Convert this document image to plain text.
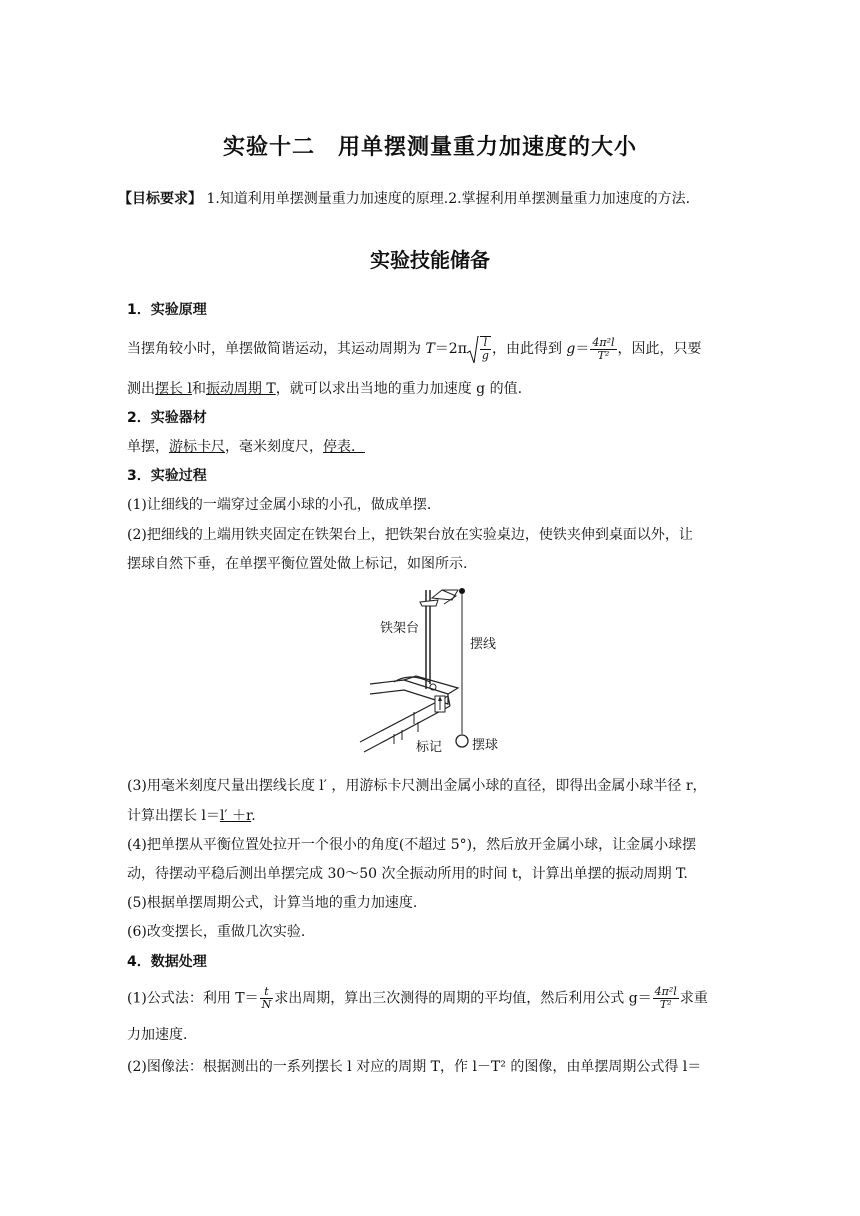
实验十二　用单摆测量重力加速度的大小
【目标要求】 1.知道利用单摆测量重力加速度的原理.2.掌握利用单摆测量重力加速度的方法.
实验技能储备
1．实验原理
当摆角较小时，单摆做简谐运动，其运动周期为 $T=2\pi \frac{l}{g}$ ，由此得到 $g= \frac{\text{4π²l}}{\text{T²}}$ ，因此，只要
测出摆长 l和振动周期 T，就可以求出当地的重力加速度 g 的值.
2．实验器材
单摆，游标卡尺，毫米刻度尺，停表．
3．实验过程
(1)让细线的一端穿过金属小球的小孔，做成单摆.
(2)把细线的上端用铁夹固定在铁架台上，把铁架台放在实验桌边，使铁夹伸到桌面以外，让
摆球自然下垂，在单摆平衡位置处做上标记，如图所示.
铁架台
摆线
标记 摆球
(3)用毫米刻度尺量出摆线长度 l′ ，用游标卡尺测出金属小球的直径，即得出金属小球半径 r，
计算出摆长 l＝l′ ＋r.
(4)把单摆从平衡位置处拉开一个很小的角度(不超过 5°)，然后放开金属小球，让金属小球摆
动，待摆动平稳后测出单摆完成 30～50 次全振动所用的时间 t，计算出单摆的振动周期 T.
(5)根据单摆周期公式，计算当地的重力加速度.
(6)改变摆长，重做几次实验.
4．数据处理
(1)公式法：利用 $T= \frac{t}{N}$ 求出周期，算出三次测得的周期的平均值，然后利用公式 $g= \frac{\text{4π²l}}{\text{T²}}$ 求重
力加速度.
(2)图像法：根据测出的一系列摆长 l 对应的周期 T，作 l－T² 的图像，由单摆周期公式得 l＝
